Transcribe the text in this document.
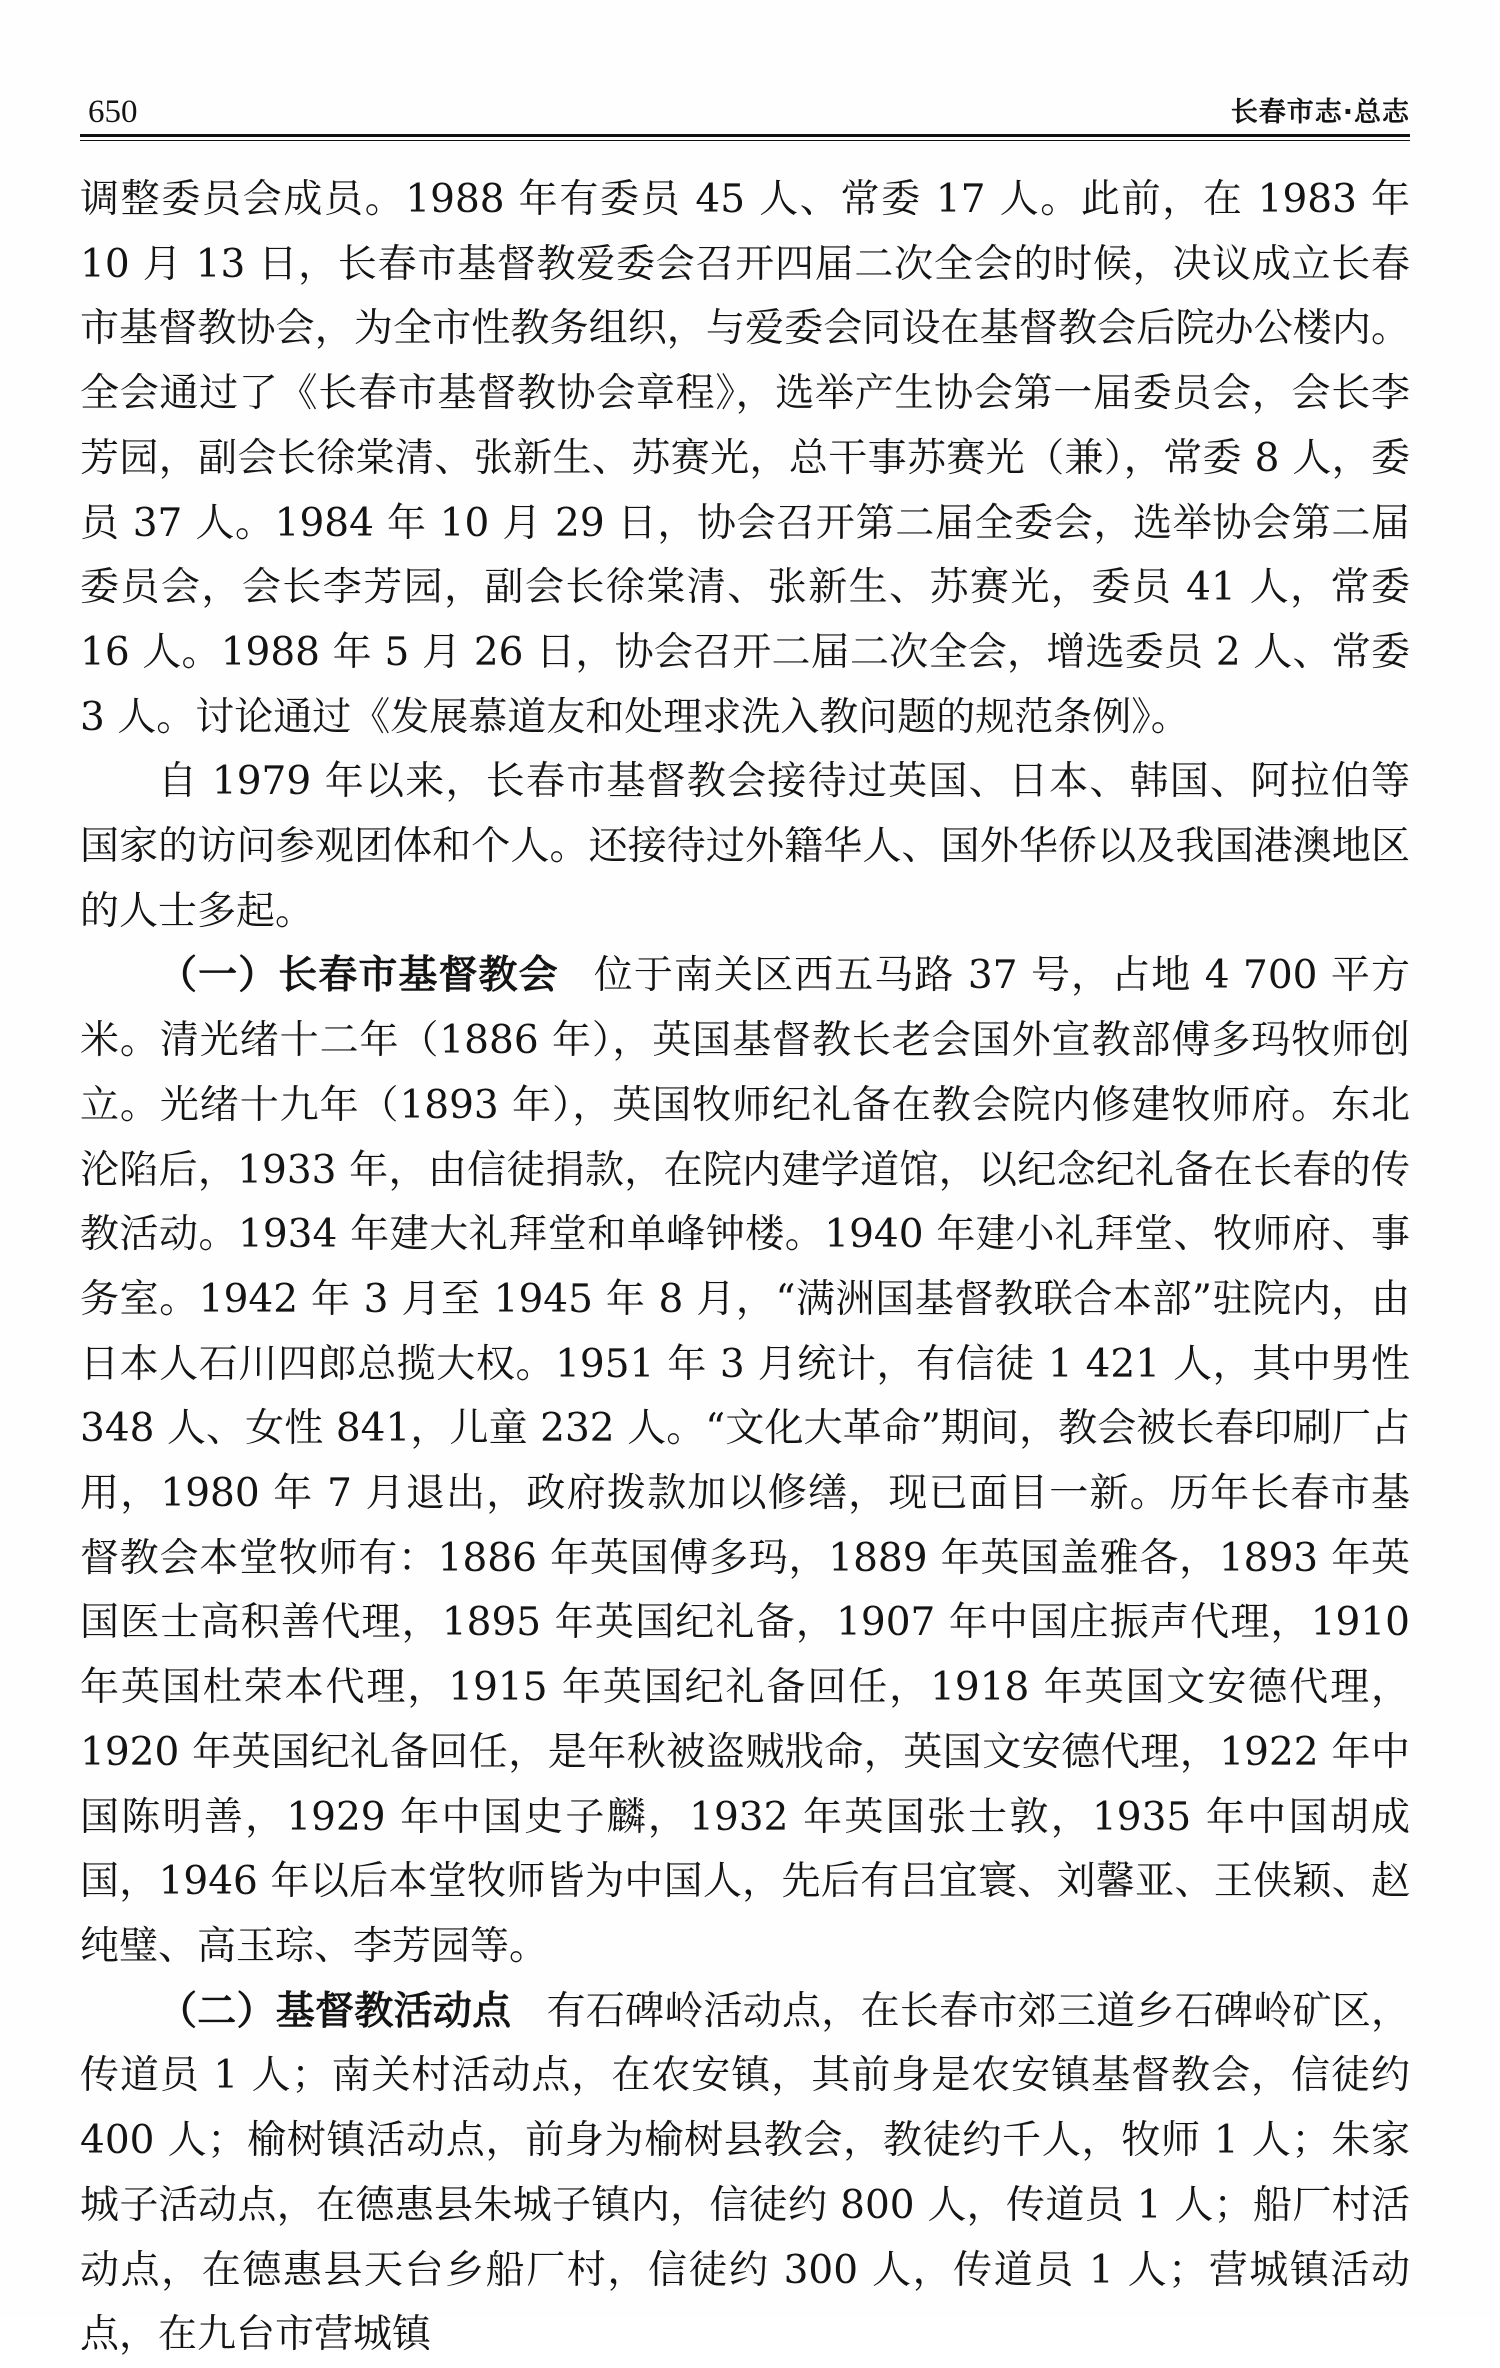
650	长春市志·总志

调整委员会成员。1988 年有委员 45 人、常委 17 人。此前，在 1983 年 10 月 13 日，长春市基督教爱委会召开四届二次全会的时候，决议成立长春市基督教协会，为全市性教务组织，与爱委会同设在基督教会后院办公楼内。全会通过了《长春市基督教协会章程》，选举产生协会第一届委员会，会长李芳园，副会长徐棠清、张新生、苏赛光，总干事苏赛光（兼），常委 8 人，委员 37 人。1984 年 10 月 29 日，协会召开第二届全委会，选举协会第二届委员会，会长李芳园，副会长徐棠清、张新生、苏赛光，委员 41 人，常委 16 人。1988 年 5 月 26 日，协会召开二届二次全会，增选委员 2 人、常委 3 人。讨论通过《发展慕道友和处理求洗入教问题的规范条例》。

自 1979 年以来，长春市基督教会接待过英国、日本、韩国、阿拉伯等国家的访问参观团体和个人。还接待过外籍华人、国外华侨以及我国港澳地区的人士多起。

（一）长春市基督教会 位于南关区西五马路 37 号，占地 4 700 平方米。清光绪十二年（1886 年），英国基督教长老会国外宣教部傅多玛牧师创立。光绪十九年（1893 年），英国牧师纪礼备在教会院内修建牧师府。东北沦陷后，1933 年，由信徒捐款，在院内建学道馆，以纪念纪礼备在长春的传教活动。1934 年建大礼拜堂和单峰钟楼。1940 年建小礼拜堂、牧师府、事务室。1942 年 3 月至 1945 年 8 月，“满洲国基督教联合本部”驻院内，由日本人石川四郎总揽大权。1951 年 3 月统计，有信徒 1 421 人，其中男性 348 人、女性 841，儿童 232 人。“文化大革命”期间，教会被长春印刷厂占用，1980 年 7 月退出，政府拨款加以修缮，现已面目一新。历年长春市基督教会本堂牧师有：1886 年英国傅多玛，1889 年英国盖雅各，1893 年英国医士高积善代理，1895 年英国纪礼备，1907 年中国庄振声代理，1910 年英国杜荣本代理，1915 年英国纪礼备回任，1918 年英国文安德代理，1920 年英国纪礼备回任，是年秋被盗贼戕命，英国文安德代理，1922 年中国陈明善，1929 年中国史子麟，1932 年英国张士敦，1935 年中国胡成国，1946 年以后本堂牧师皆为中国人，先后有吕宜寰、刘馨亚、王侠颖、赵纯璧、高玉琮、李芳园等。

（二）基督教活动点 有石碑岭活动点，在长春市郊三道乡石碑岭矿区，传道员 1 人；南关村活动点，在农安镇，其前身是农安镇基督教会，信徒约 400 人；榆树镇活动点，前身为榆树县教会，教徒约千人，牧师 1 人；朱家城子活动点，在德惠县朱城子镇内，信徒约 800 人，传道员 1 人；船厂村活动点，在德惠县天台乡船厂村，信徒约 300 人，传道员 1 人；营城镇活动点，在九台市营城镇
